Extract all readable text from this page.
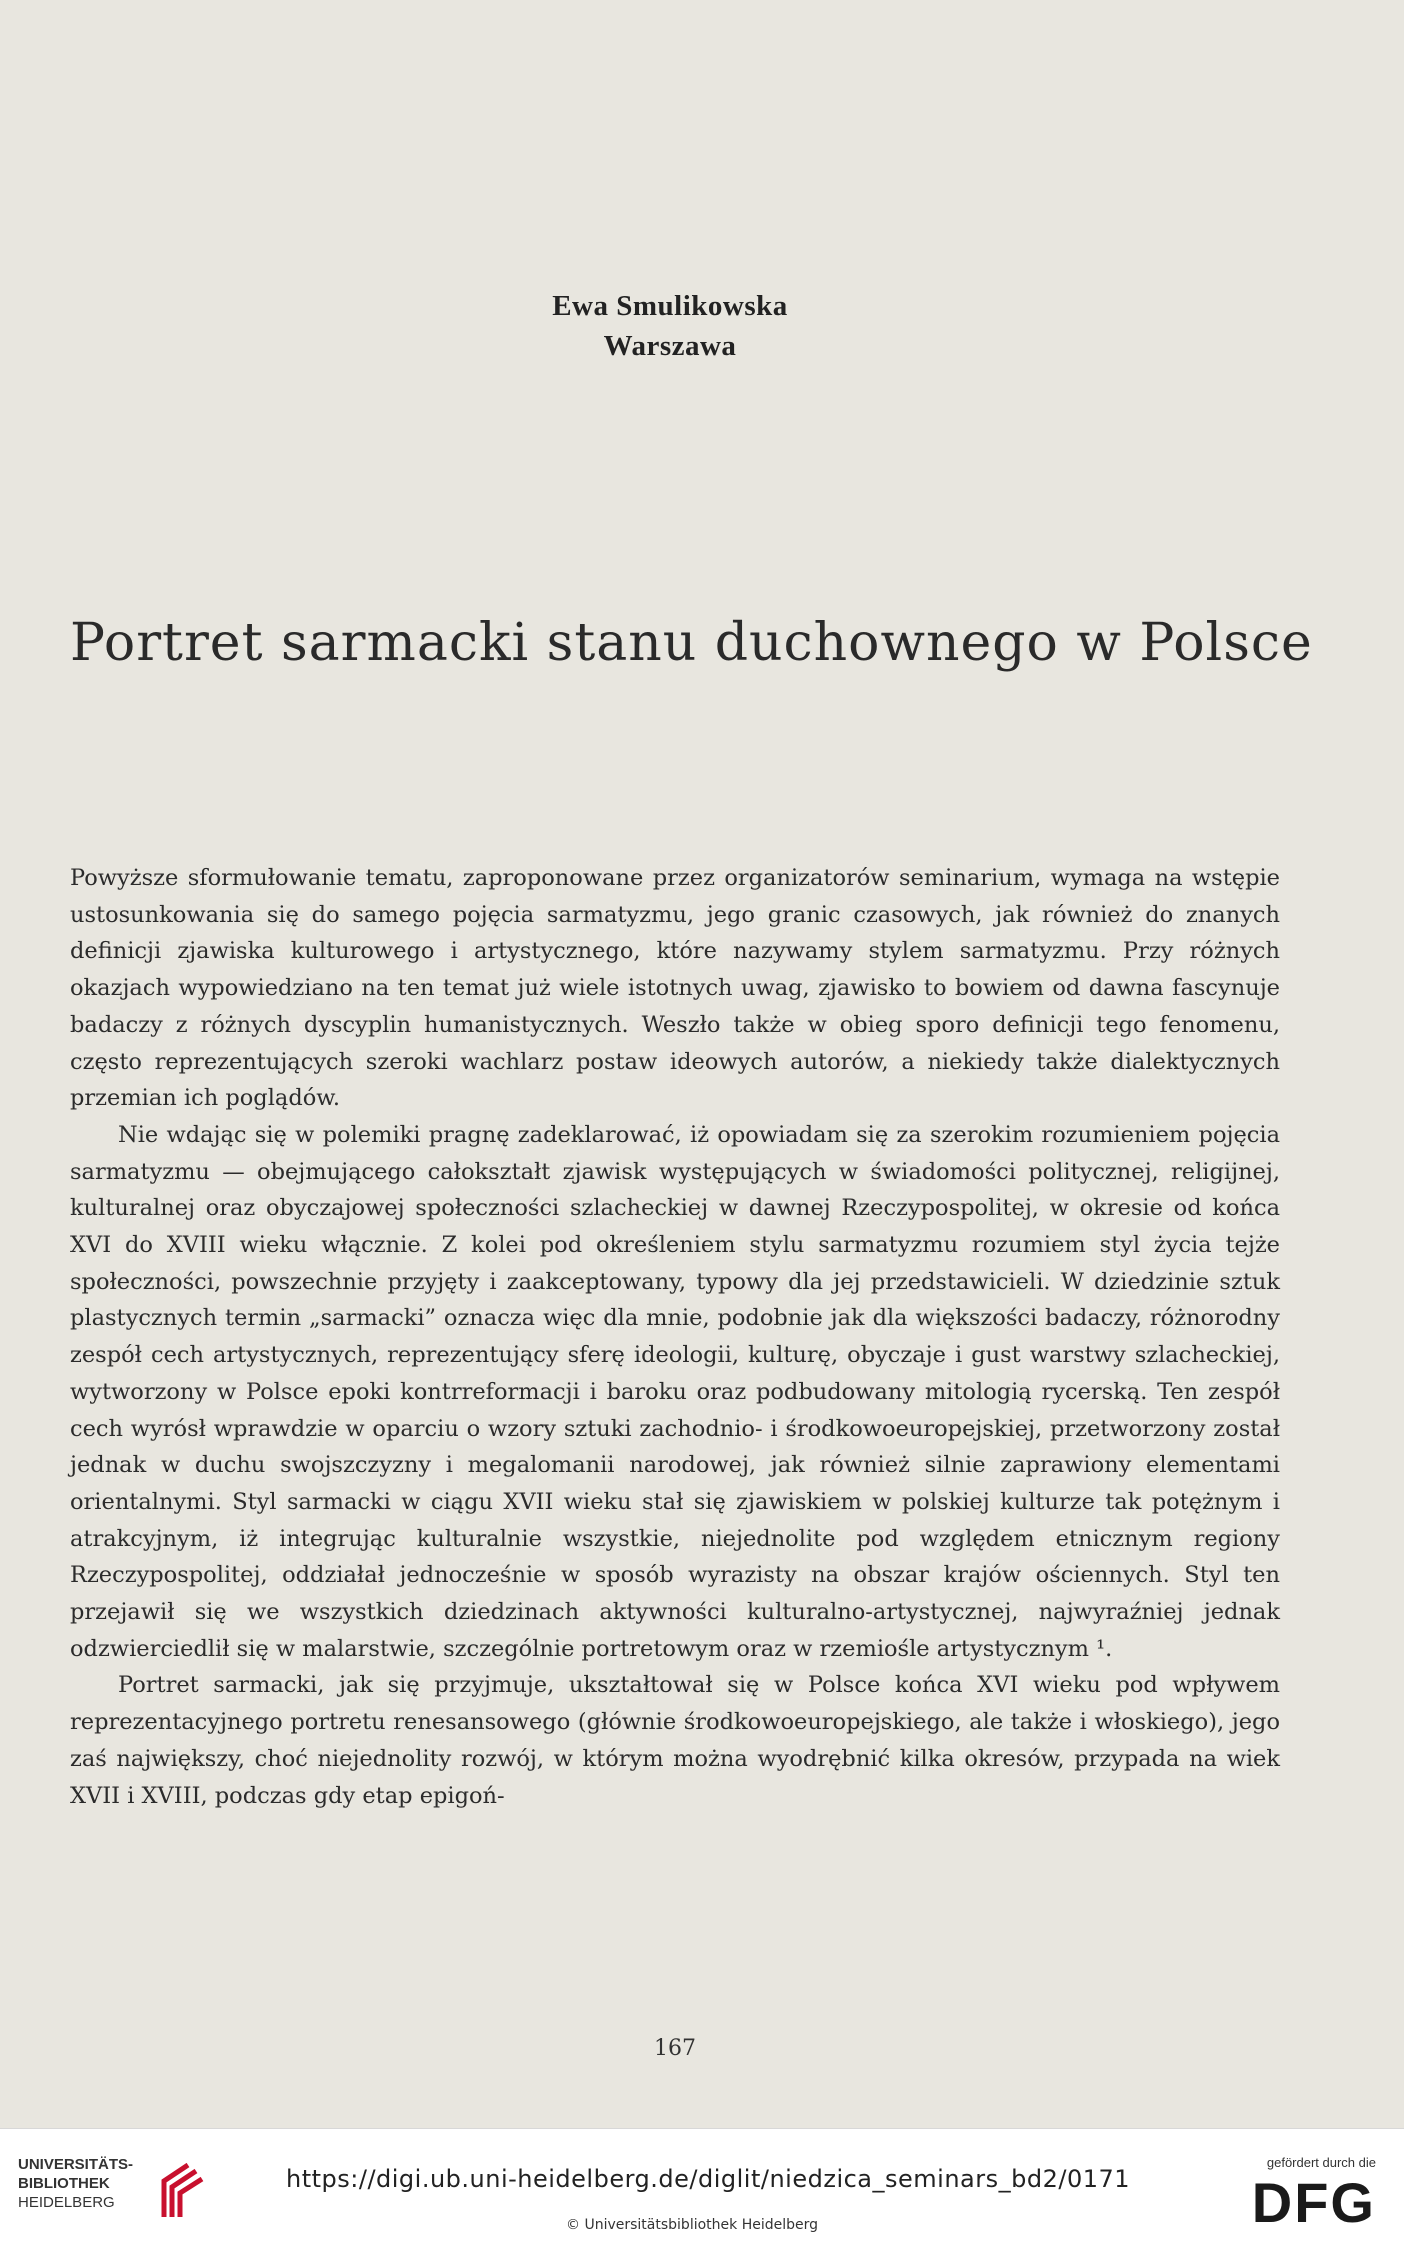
Ewa Smulikowska
Warszawa
Portret sarmacki stanu duchownego w Polsce

Powyższe sformułowanie tematu, zaproponowane przez organizatorów seminarium, wymaga na wstępie ustosunkowania się do samego pojęcia sarmatyzmu, jego granic czasowych, jak również do znanych definicji zjawiska kulturowego i artystycznego, które nazywamy stylem sarmatyzmu. Przy różnych okazjach wypowiedziano na ten temat już wiele istotnych uwag, zjawisko to bowiem od dawna fascynuje badaczy z różnych dyscyplin humanistycznych. Weszło także w obieg sporo definicji tego fenomenu, często reprezentujących szeroki wachlarz postaw ideowych autorów, a niekiedy także dialektycznych przemian ich poglądów.

Nie wdając się w polemiki pragnę zadeklarować, iż opowiadam się za szerokim rozumieniem pojęcia sarmatyzmu — obejmującego całokształt zjawisk występujących w świadomości politycznej, religijnej, kulturalnej oraz obyczajowej społeczności szlacheckiej w dawnej Rzeczypospolitej, w okresie od końca XVI do XVIII wieku włącznie. Z kolei pod określeniem stylu sarmatyzmu rozumiem styl życia tejże społeczności, powszechnie przyjęty i zaakceptowany, typowy dla jej przedstawicieli. W dziedzinie sztuk plastycznych termin „sarmacki” oznacza więc dla mnie, podobnie jak dla większości badaczy, różnorodny zespół cech artystycznych, reprezentujący sferę ideologii, kulturę, obyczaje i gust warstwy szlacheckiej, wytworzony w Polsce epoki kontrreformacji i baroku oraz podbudowany mitologią rycerską. Ten zespół cech wyrósł wprawdzie w oparciu o wzory sztuki zachodnio- i środkowoeuropejskiej, przetworzony został jednak w duchu swojszczyzny i megalomanii narodowej, jak również silnie zaprawiony elementami orientalnymi. Styl sarmacki w ciągu XVII wieku stał się zjawiskiem w polskiej kulturze tak potężnym i atrakcyjnym, iż integrując kulturalnie wszystkie, niejednolite pod względem etnicznym regiony Rzeczypospolitej, oddziałał jednocześnie w sposób wyrazisty na obszar krajów ościennych. Styl ten przejawił się we wszystkich dziedzinach aktywności kulturalno-artystycznej, najwyraźniej jednak odzwierciedlił się w malarstwie, szczególnie portretowym oraz w rzemiośle artystycznym ¹.

Portret sarmacki, jak się przyjmuje, ukształtował się w Polsce końca XVI wieku pod wpływem reprezentacyjnego portretu renesansowego (głównie środkowoeuropejskiego, ale także i włoskiego), jego zaś największy, choć niejednolity rozwój, w którym można wyodrębnić kilka okresów, przypada na wiek XVII i XVIII, podczas gdy etap epigoń-

167
UNIVERSITÄTS-
BIBLIOTHEK
HEIDELBERG
https://digi.ub.uni-heidelberg.de/diglit/niedzica_seminars_bd2/0171
© Universitätsbibliothek Heidelberg
gefördert durch die
DFG
